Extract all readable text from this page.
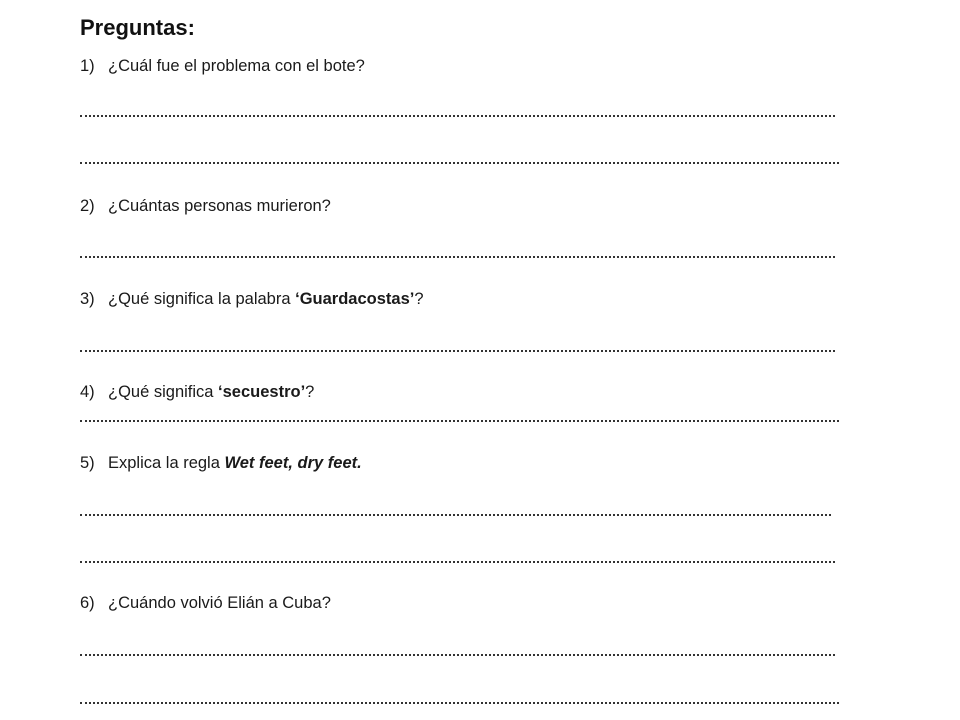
Preguntas:
1) ¿Cuál fue el problema con el bote?
2) ¿Cuántas personas murieron?
3) ¿Qué significa la palabra ‘Guardacostas’?
4) ¿Qué significa ‘secuestro’?
5) Explica la regla Wet feet, dry feet.
6) ¿Cuándo volvió Elián a Cuba?
